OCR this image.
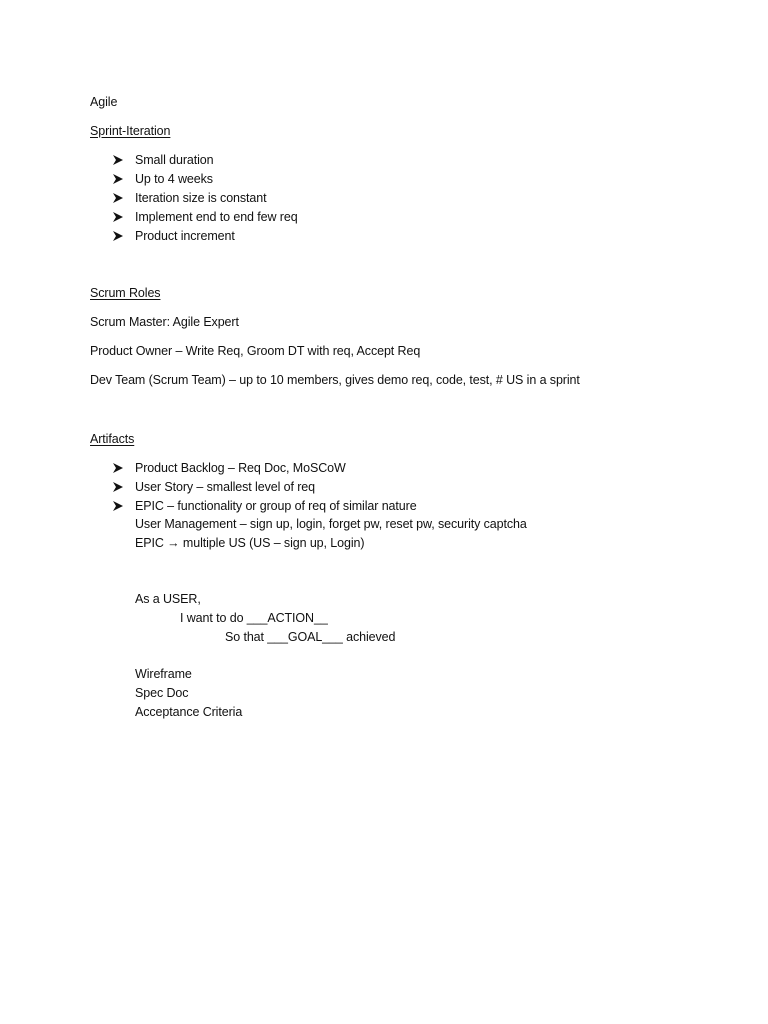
Agile
Sprint-Iteration
Small duration
Up to 4 weeks
Iteration size is constant
Implement end to end few req
Product increment
Scrum Roles
Scrum Master: Agile Expert
Product Owner – Write Req, Groom DT with req, Accept Req
Dev Team (Scrum Team) – up to 10 members, gives demo req, code, test, # US in a sprint
Artifacts
Product Backlog – Req Doc, MoSCoW
User Story – smallest level of req
EPIC – functionality or group of req of similar nature
User Management – sign up, login, forget pw, reset pw, security captcha
EPIC → multiple US (US – sign up, Login)
As a USER,
I want to do ___ACTION__
So that ___GOAL___ achieved
Wireframe
Spec Doc
Acceptance Criteria
